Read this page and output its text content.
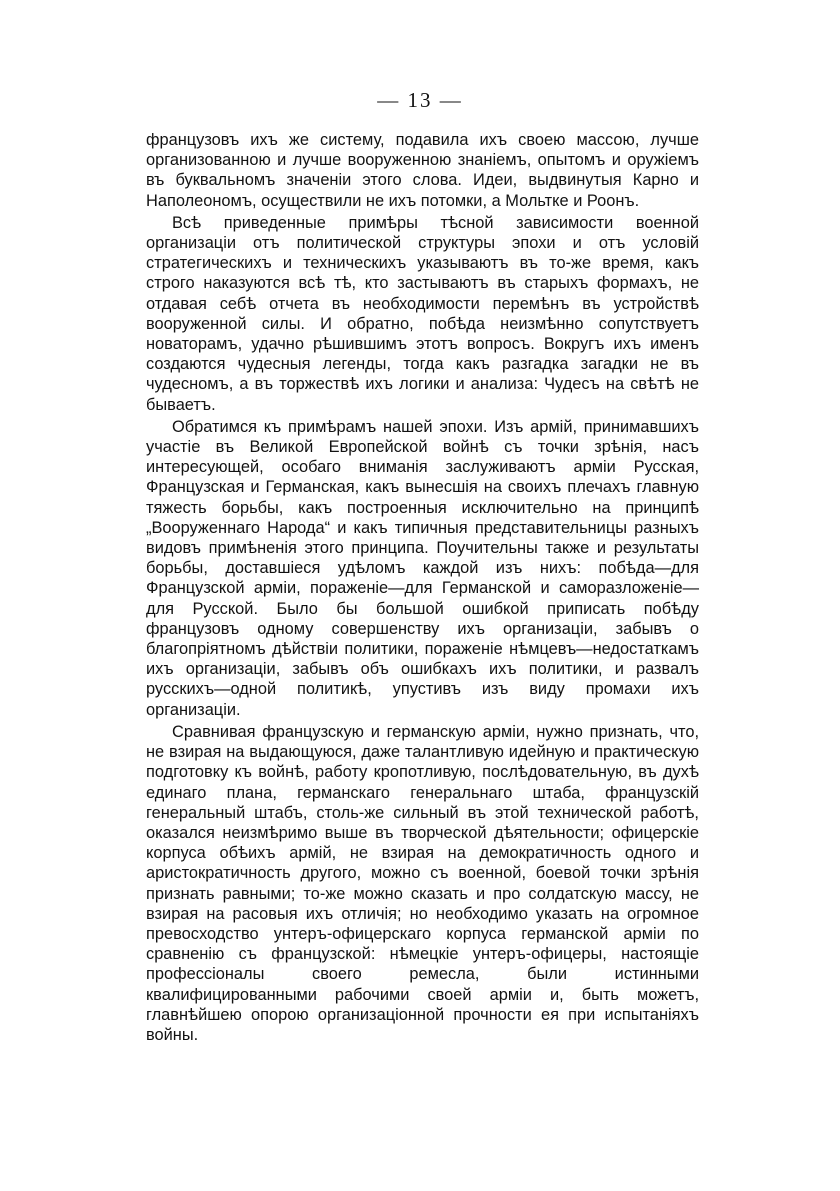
— 13 —

французовъ ихъ же систему, подавила ихъ своею массою, лучше организованною и лучше вооруженною знаніемъ, опытомъ и оружіемъ въ буквальномъ значеніи этого слова. Идеи, выдвинутыя Карно и Наполеономъ, осуществили не ихъ потомки, а Мольтке и Роонъ.

Всѣ приведенные примѣры тѣсной зависимости военной организаціи отъ политической структуры эпохи и отъ условій стратегическихъ и техническихъ указываютъ въ то-же время, какъ строго наказуются всѣ тѣ, кто застываютъ въ старыхъ формахъ, не отдавая себѣ отчета въ необходимости перемѣнъ въ устройствѣ вооруженной силы. И обратно, побѣда неизмѣнно сопутствуетъ новаторамъ, удачно рѣшившимъ этотъ вопросъ. Вокругъ ихъ именъ создаются чудесныя легенды, тогда какъ разгадка загадки не въ чудесномъ, а въ торжествѣ ихъ логики и анализа: Чудесъ на свѣтѣ не бываетъ.

Обратимся къ примѣрамъ нашей эпохи. Изъ армій, принимавшихъ участіе въ Великой Европейской войнѣ съ точки зрѣнія, насъ интересующей, особаго вниманія заслуживаютъ арміи Русская, Французская и Германская, какъ вынесшія на своихъ плечахъ главную тяжесть борьбы, какъ построенныя исключительно на принципѣ „Вооруженнаго Народа“ и какъ типичныя представительницы разныхъ видовъ примѣненія этого принципа. Поучительны также и результаты борьбы, доставшіеся удѣломъ каждой изъ нихъ: побѣда—для Французской арміи, пораженіе—для Германской и саморазложеніе—для Русской. Было бы большой ошибкой приписать побѣду французовъ одному совершенству ихъ организаціи, забывъ о благопріятномъ дѣйствіи политики, пораженіе нѣмцевъ—недостаткамъ ихъ организаціи, забывъ объ ошибкахъ ихъ политики, и развалъ русскихъ—одной политикѣ, упустивъ изъ виду промахи ихъ организаціи.

Сравнивая французскую и германскую арміи, нужно признать, что, не взирая на выдающуюся, даже талантливую идейную и практическую подготовку къ войнѣ, работу кропотливую, послѣдовательную, въ духѣ единаго плана, германскаго генеральнаго штаба, французскій генеральный штабъ, столь-же сильный въ этой технической работѣ, оказался неизмѣримо выше въ творческой дѣятельности; офицерскіе корпуса обѣихъ армій, не взирая на демократичность одного и аристократичность другого, можно съ военной, боевой точки зрѣнія признать равными; то-же можно сказать и про солдатскую массу, не взирая на расовыя ихъ отличія; но необходимо указать на огромное превосходство унтеръ-офицерскаго корпуса германской арміи по сравненію съ французской: нѣмецкіе унтеръ-офицеры, настоящіе профессіоналы своего ремесла, были истинными квалифицированными рабочими своей арміи и, быть можетъ, главнѣйшею опорою организаціонной прочности ея при испытаніяхъ войны.
